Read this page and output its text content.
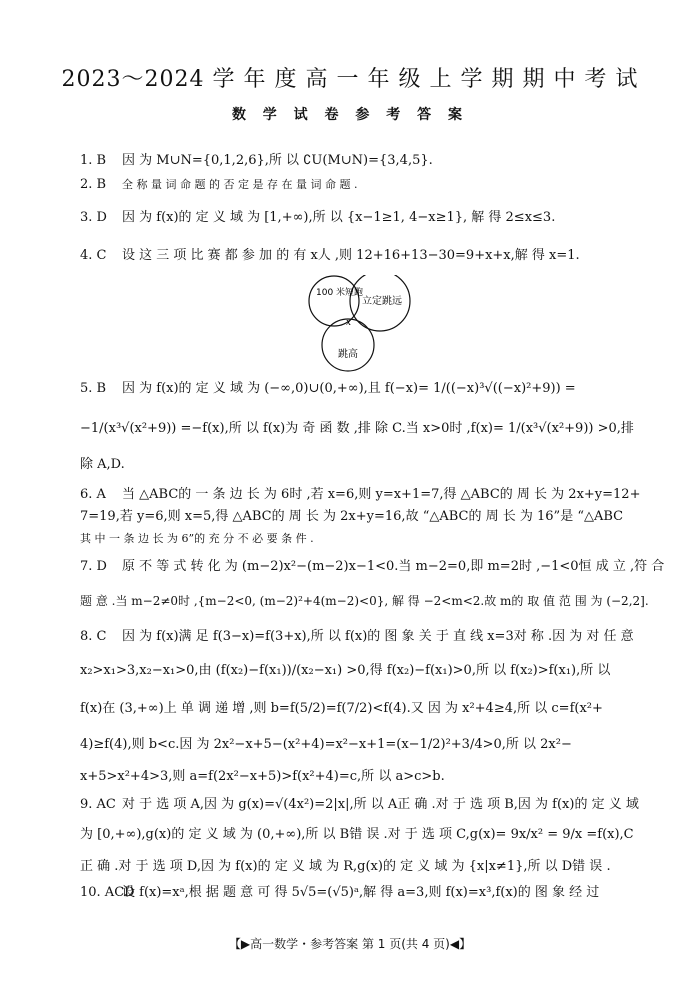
2023～2024 学 年 度 高 一 年 级 上 学 期 期 中 考 试
数 学 试 卷 参 考 答 案
1. B 因 为 M∪N={0,1,2,6},所 以 ∁U(M∪N)={3,4,5}.
2. B 全 称 量 词 命 题 的 否 定 是 存 在 量 词 命 题 .
3. D 因 为 f(x)的 定 义 域 为 [1,+∞),所 以 {x−1≥1, 4−x≥1}, 解 得 2≤x≤3.
4. C 设 这 三 项 比 赛 都 参 加 的 有 x人 ,则 12+16+13−30=9+x+x,解 得 x=1.
100 米短跑
立定跳远
跳高
x
5. B 因 为 f(x)的 定 义 域 为 (−∞,0)∪(0,+∞),且 f(−x)= 1/((−x)³√((−x)²+9)) =
−1/(x³√(x²+9)) =−f(x),所 以 f(x)为 奇 函 数 ,排 除 C.当 x>0时 ,f(x)= 1/(x³√(x²+9)) >0,排
除 A,D.
6. A 当 △ABC的 一 条 边 长 为 6时 ,若 x=6,则 y=x+1=7,得 △ABC的 周 长 为 2x+y=12+
7=19,若 y=6,则 x=5,得 △ABC的 周 长 为 2x+y=16,故 “△ABC的 周 长 为 16”是 “△ABC
其 中 一 条 边 长 为 6”的 充 分 不 必 要 条 件 .
7. D 原 不 等 式 转 化 为 (m−2)x²−(m−2)x−1<0.当 m−2=0,即 m=2时 ,−1<0恒 成 立 ,符 合
题 意 .当 m−2≠0时 ,{m−2<0, (m−2)²+4(m−2)<0}, 解 得 −2<m<2.故 m的 取 值 范 围 为 (−2,2].
8. C 因 为 f(x)满 足 f(3−x)=f(3+x),所 以 f(x)的 图 象 关 于 直 线 x=3对 称 .因 为 对 任 意
x₂>x₁>3,x₂−x₁>0,由 (f(x₂)−f(x₁))/(x₂−x₁) >0,得 f(x₂)−f(x₁)>0,所 以 f(x₂)>f(x₁),所 以
f(x)在 (3,+∞)上 单 调 递 增 ,则 b=f(5/2)=f(7/2)<f(4).又 因 为 x²+4≥4,所 以 c=f(x²+
4)≥f(4),则 b<c.因 为 2x²−x+5−(x²+4)=x²−x+1=(x−1/2)²+3/4>0,所 以 2x²−
x+5>x²+4>3,则 a=f(2x²−x+5)>f(x²+4)=c,所 以 a>c>b.
9. AC 对 于 选 项 A,因 为 g(x)=√(4x²)=2|x|,所 以 A正 确 .对 于 选 项 B,因 为 f(x)的 定 义 域
为 [0,+∞),g(x)的 定 义 域 为 (0,+∞),所 以 B错 误 .对 于 选 项 C,g(x)= 9x/x² = 9/x =f(x),C
正 确 .对 于 选 项 D,因 为 f(x)的 定 义 域 为 R,g(x)的 定 义 域 为 {x|x≠1},所 以 D错 误 .
10. ACD设 f(x)=xᵃ,根 据 题 意 可 得 5√5=(√5)ᵃ,解 得 a=3,则 f(x)=x³,f(x)的 图 象 经 过
【▶高一数学・参考答案 第 1 页(共 4 页)◀】
